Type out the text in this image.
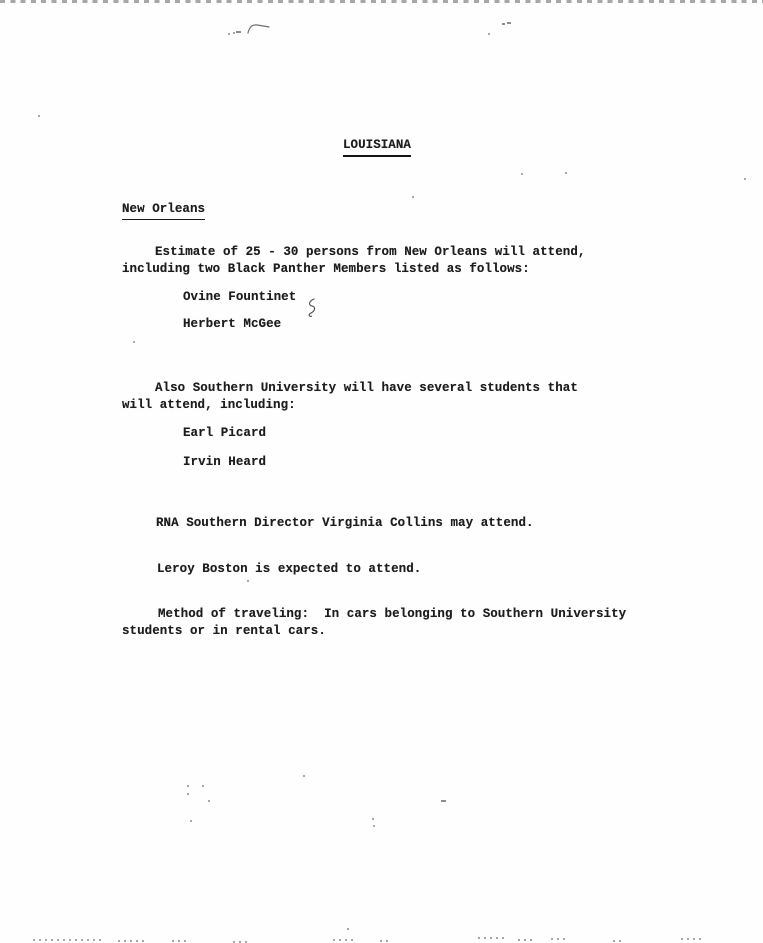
LOUISIANA
New Orleans
Estimate of 25 - 30 persons from New Orleans will attend,
including two Black Panther Members listed as follows:
Ovine Fountinet
Herbert McGee
Also Southern University will have several students that
will attend, including:
Earl Picard
Irvin Heard
RNA Southern Director Virginia Collins may attend.
Leroy Boston is expected to attend.
Method of traveling:  In cars belonging to Southern University
students or in rental cars.
